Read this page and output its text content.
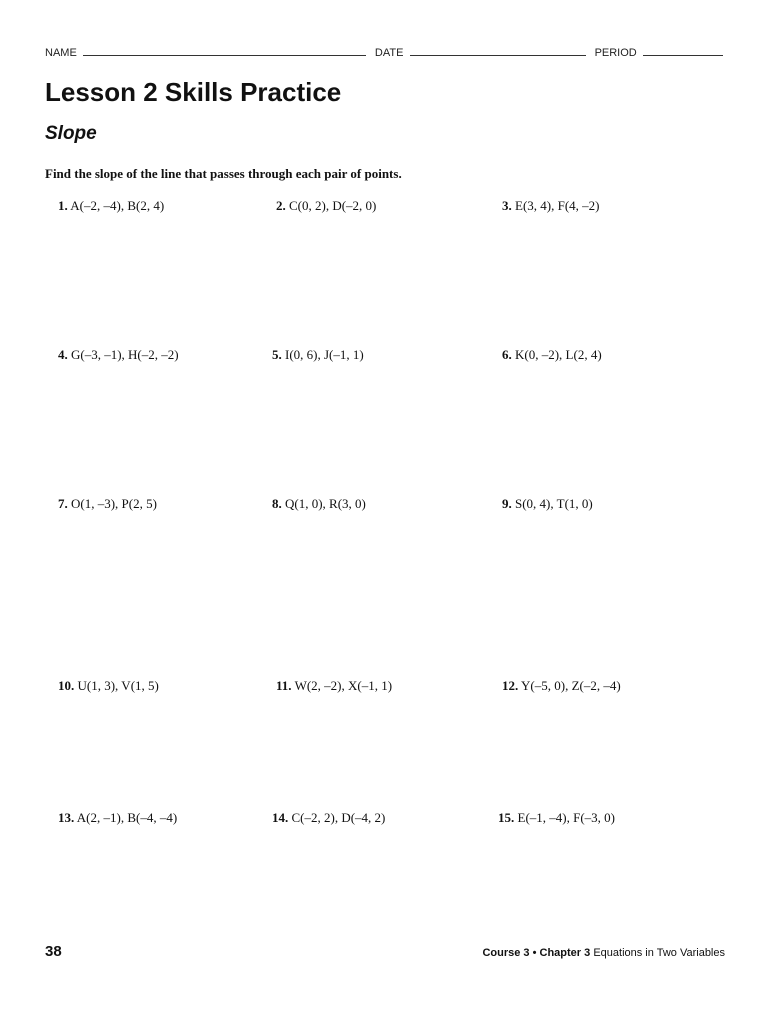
NAME	DATE	PERIOD
Lesson 2 Skills Practice
Slope
Find the slope of the line that passes through each pair of points.
1. A(–2, –4), B(2, 4)	2. C(0, 2), D(–2, 0)	3. E(3, 4), F(4, –2)
4. G(–3, –1), H(–2, –2)	5. I(0, 6), J(–1, 1)	6. K(0, –2), L(2, 4)
7. O(1, –3), P(2, 5)	8. Q(1, 0), R(3, 0)	9. S(0, 4), T(1, 0)
10. U(1, 3), V(1, 5)	11. W(2, –2), X(–1, 1)	12. Y(–5, 0), Z(–2, –4)
13. A(2, –1), B(–4, –4)	14. C(–2, 2), D(–4, 2)	15. E(–1, –4), F(–3, 0)
38	Course 3 • Chapter 3 Equations in Two Variables
